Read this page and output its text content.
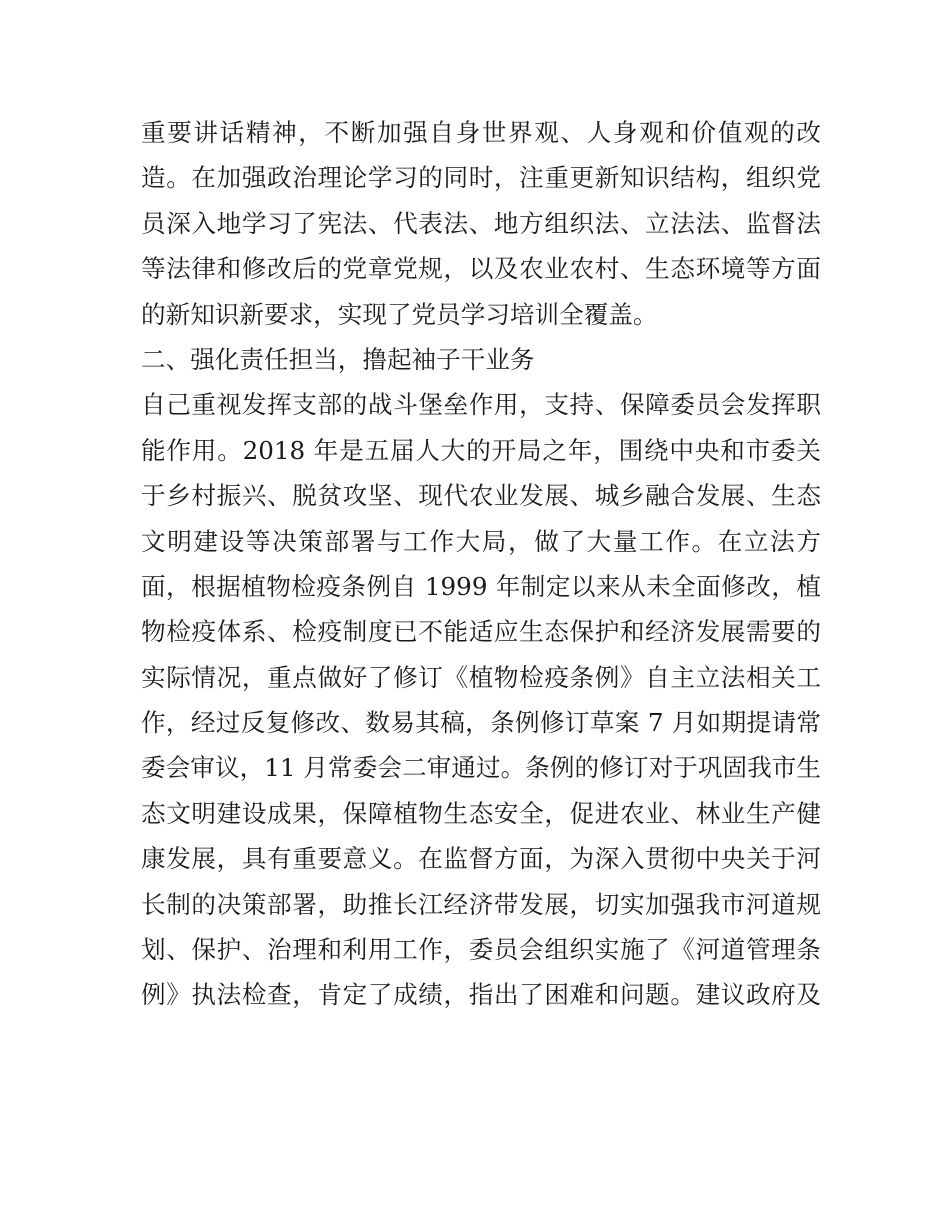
重要讲话精神，不断加强自身世界观、人身观和价值观的改
造。在加强政治理论学习的同时，注重更新知识结构，组织党
员深入地学习了宪法、代表法、地方组织法、立法法、监督法
等法律和修改后的党章党规，以及农业农村、生态环境等方面
的新知识新要求，实现了党员学习培训全覆盖。
二、强化责任担当，撸起袖子干业务
自己重视发挥支部的战斗堡垒作用，支持、保障委员会发挥职
能作用。2018 年是五届人大的开局之年，围绕中央和市委关
于乡村振兴、脱贫攻坚、现代农业发展、城乡融合发展、生态
文明建设等决策部署与工作大局，做了大量工作。在立法方
面，根据植物检疫条例自 1999 年制定以来从未全面修改，植
物检疫体系、检疫制度已不能适应生态保护和经济发展需要的
实际情况，重点做好了修订《植物检疫条例》自主立法相关工
作，经过反复修改、数易其稿，条例修订草案 7 月如期提请常
委会审议，11 月常委会二审通过。条例的修订对于巩固我市生
态文明建设成果，保障植物生态安全，促进农业、林业生产健
康发展，具有重要意义。在监督方面，为深入贯彻中央关于河
长制的决策部署，助推长江经济带发展，切实加强我市河道规
划、保护、治理和利用工作，委员会组织实施了《河道管理条
例》执法检查，肯定了成绩，指出了困难和问题。建议政府及
